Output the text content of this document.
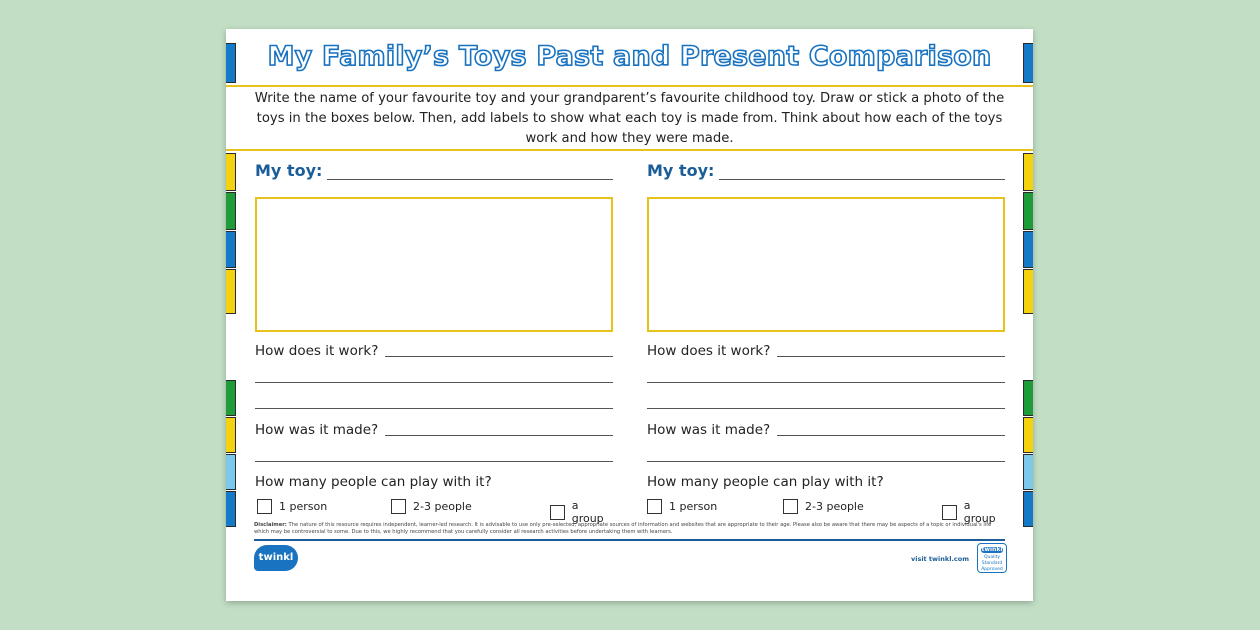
My Family’s Toys Past and Present Comparison
Write the name of your favourite toy and your grandparent’s favourite childhood toy. Draw or stick a photo of the toys in the boxes below. Then, add labels to show what each toy is made from. Think about how each of the toys work and how they were made.
My toy:
How does it work?
How was it made?
How many people can play with it?
1 person	2-3 people	a group
My toy:
How does it work?
How was it made?
How many people can play with it?
1 person	2-3 people	a group
Disclaimer: The nature of this resource requires independent, learner-led research. It is advisable to use only pre-selected, appropriate sources of information and websites that are appropriate to their age. Please also be aware that there may be aspects of a topic or individual's life which may be controversial to some. Due to this, we highly recommend that you carefully consider all research activities before undertaking them with learners.
twinkl	visit twinkl.com
twinkl
Quality Standard Approved
